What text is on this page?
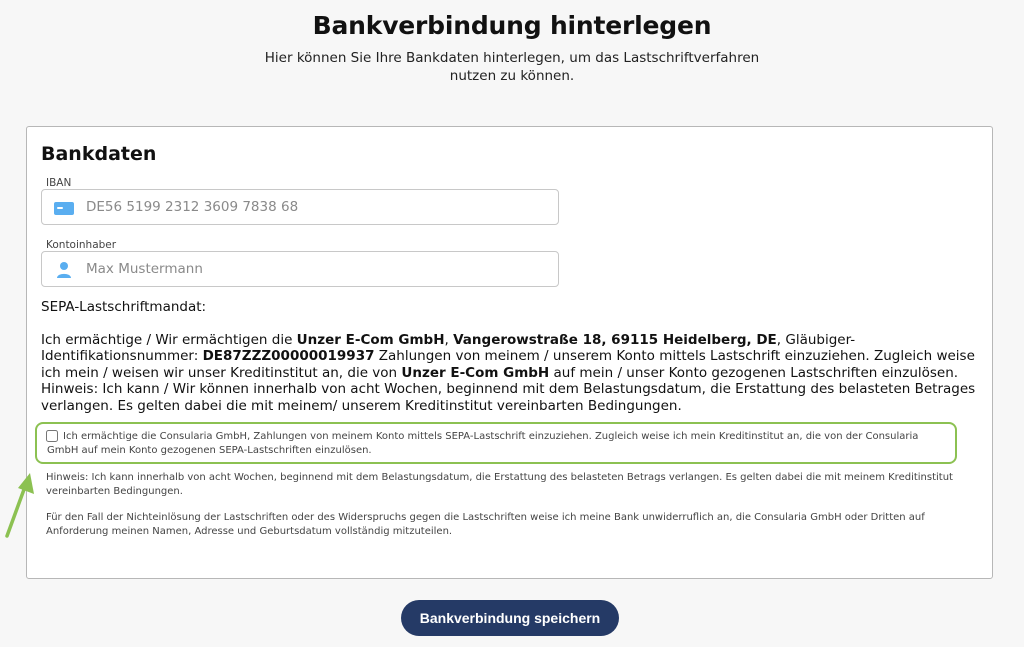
Bankverbindung hinterlegen

Hier können Sie Ihre Bankdaten hinterlegen, um das Lastschriftverfahren nutzen zu können.

Bankdaten
IBAN
DE56 5199 2312 3609 7838 68
Kontoinhaber
Max Mustermann
SEPA-Lastschriftmandat:

Ich ermächtige / Wir ermächtigen die Unzer E-Com GmbH, Vangerowstraße 18, 69115 Heidelberg, DE, Gläubiger-Identifikationsnummer: DE87ZZZ00000019937 Zahlungen von meinem / unserem Konto mittels Lastschrift einzuziehen. Zugleich weise ich mein / weisen wir unser Kreditinstitut an, die von Unzer E-Com GmbH auf mein / unser Konto gezogenen Lastschriften einzulösen. Hinweis: Ich kann / Wir können innerhalb von acht Wochen, beginnend mit dem Belastungsdatum, die Erstattung des belasteten Betrages verlangen. Es gelten dabei die mit meinem/ unserem Kreditinstitut vereinbarten Bedingungen.

Ich ermächtige die Consularia GmbH, Zahlungen von meinem Konto mittels SEPA-Lastschrift einzuziehen. Zugleich weise ich mein Kreditinstitut an, die von der Consularia GmbH auf mein Konto gezogenen SEPA-Lastschriften einzulösen.

Hinweis: Ich kann innerhalb von acht Wochen, beginnend mit dem Belastungsdatum, die Erstattung des belasteten Betrags verlangen. Es gelten dabei die mit meinem Kreditinstitut vereinbarten Bedingungen.

Für den Fall der Nichteinlösung der Lastschriften oder des Widerspruchs gegen die Lastschriften weise ich meine Bank unwiderruflich an, die Consularia GmbH oder Dritten auf Anforderung meinen Namen, Adresse und Geburtsdatum vollständig mitzuteilen.

Bankverbindung speichern
